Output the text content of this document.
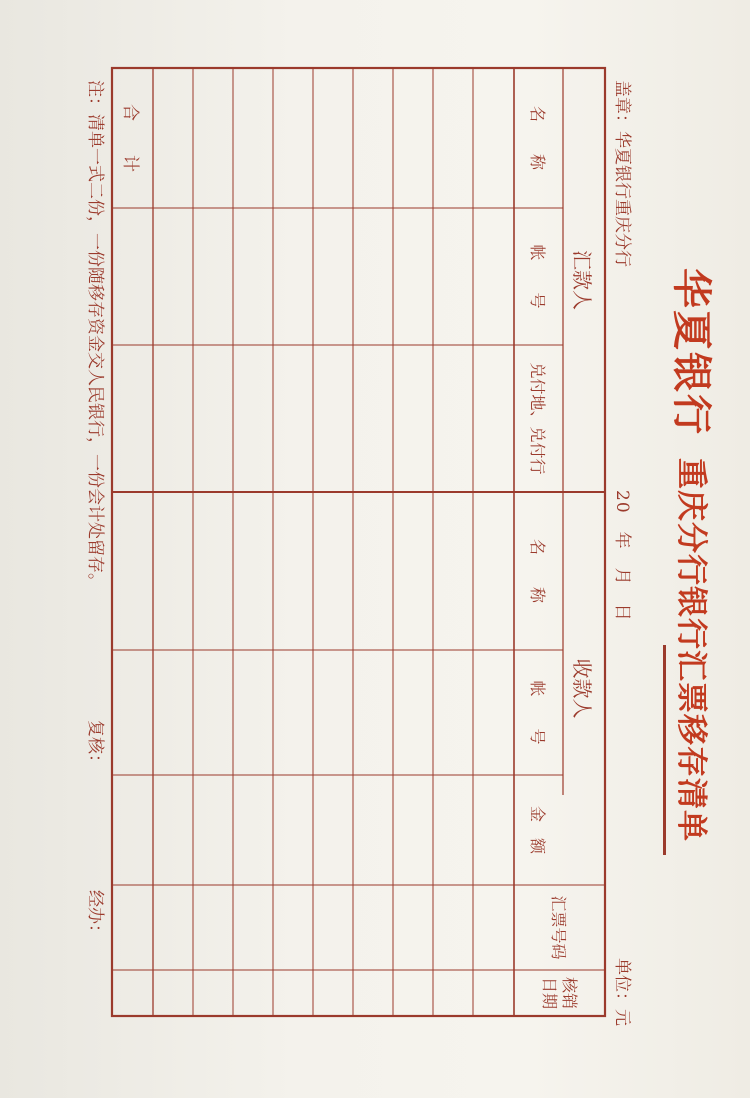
华夏银行
重庆分行银行汇票移存清单
盖章：华夏银行重庆分行
20　年　月　日
单位：元
汇款人
收款人
名　　称
帐　　号
兑付地、兑付行
名　　称
帐　　号
金　额
汇票号码
核销日期
合　　计
注：清单一式二份，一份随移存资金交人民银行，一份会计处留存。
复核：
经办：
